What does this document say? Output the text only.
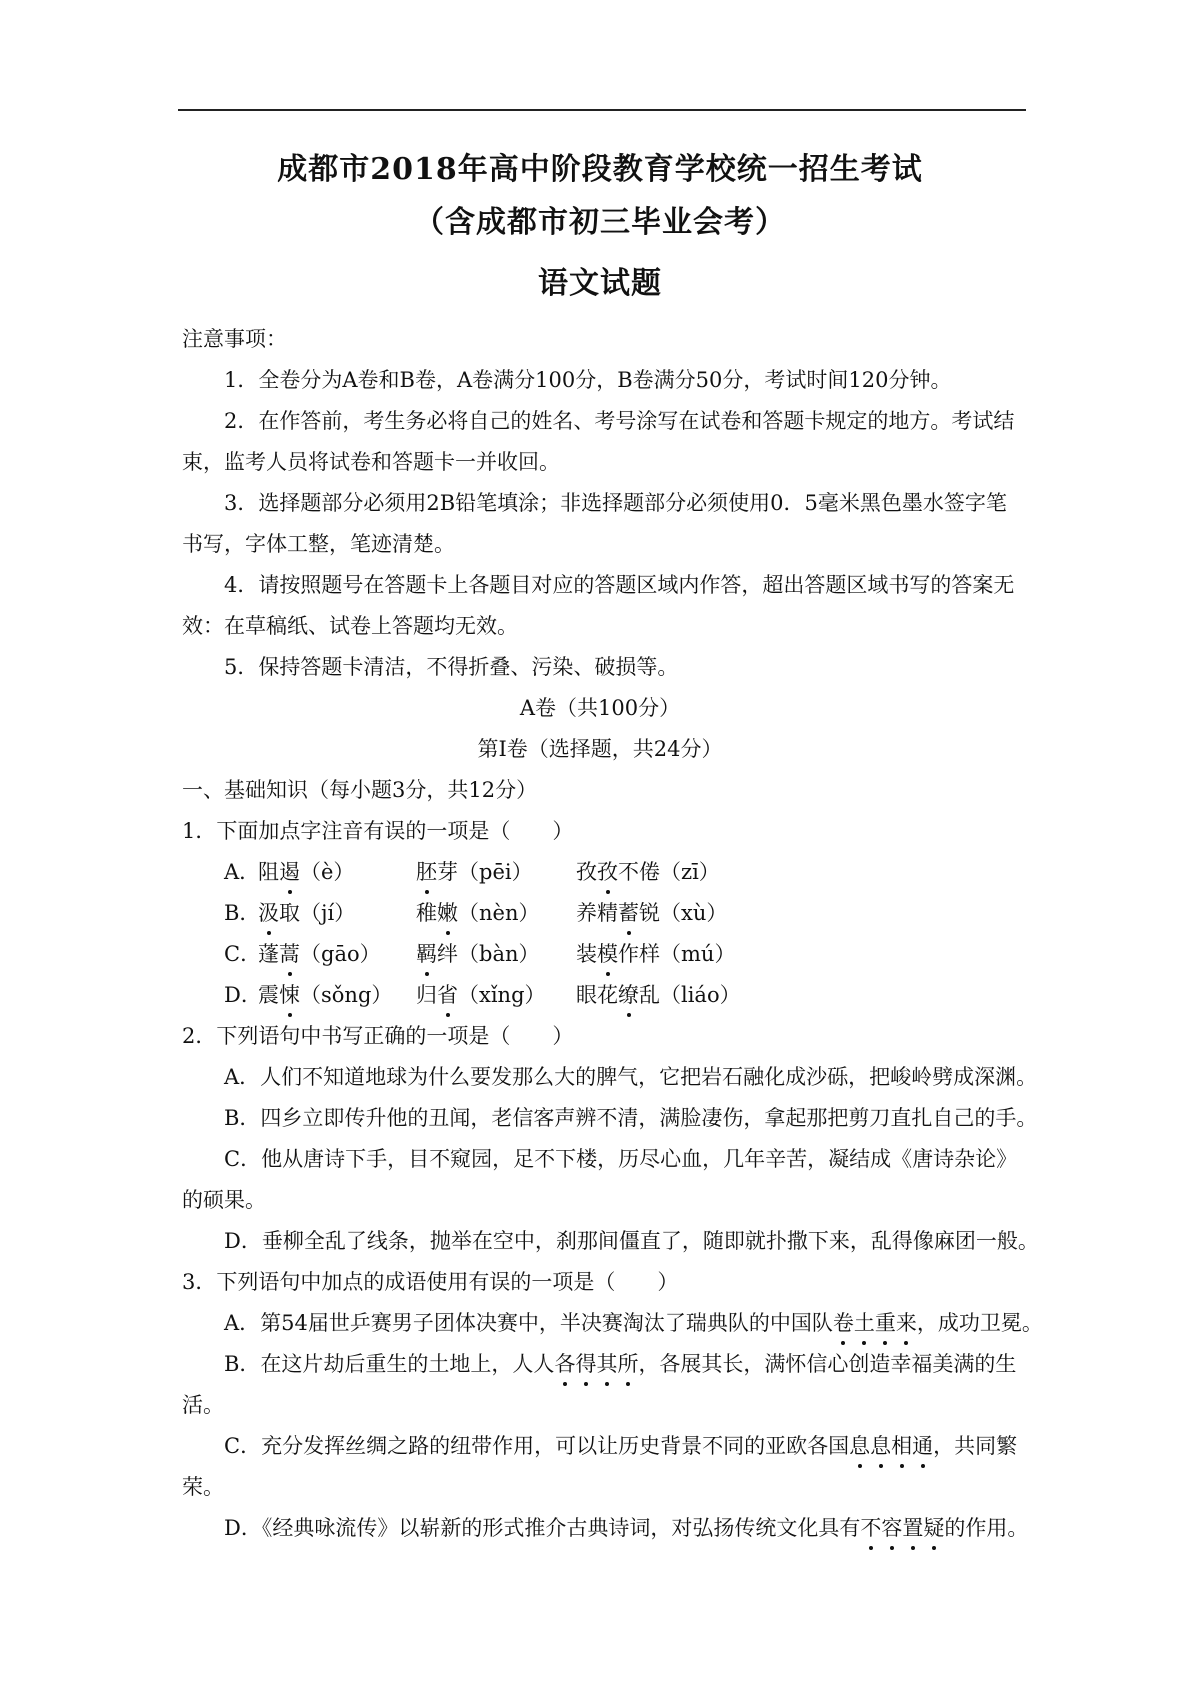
成都市2018年高中阶段教育学校统一招生考试
（含成都市初三毕业会考）
语文试题
注意事项：
1．全卷分为A卷和B卷，A卷满分100分，B卷满分50分，考试时间120分钟。
2．在作答前，考生务必将自己的姓名、考号涂写在试卷和答题卡规定的地方。考试结
束，监考人员将试卷和答题卡一并收回。
3．选择题部分必须用2B铅笔填涂；非选择题部分必须使用0．5毫米黑色墨水签字笔
书写，字体工整，笔迹清楚。
4．请按照题号在答题卡上各题目对应的答题区域内作答，超出答题区域书写的答案无
效：在草稿纸、试卷上答题均无效。
5．保持答题卡清洁，不得折叠、污染、破损等。
A卷（共100分）
第Ⅰ卷（选择题，共24分）
一、基础知识（每小题3分，共12分）
1．下面加点字注音有误的一项是（　　）
A．
阻遏（è）	胚芽（pēi） 孜孜不倦（zī）
B．
汲取（jí）	稚嫩（nèn） 养精蓄锐（xù）
C．
蓬蒿（gāo） 羁绊（bàn） 装模作样（mú）
D．
震悚（sǒng） 归省（xǐng） 眼花缭乱（liáo）
2．下列语句中书写正确的一项是（　　）
A．人们不知道地球为什么要发那么大的脾气，它把岩石融化成沙砾，把峻岭劈成深渊。
B．四乡立即传升他的丑闻，老信客声辨不清，满脸凄伤，拿起那把剪刀直扎自己的手。
C．他从唐诗下手，目不窥园，足不下楼，历尽心血，几年辛苦，凝结成《唐诗杂论》
的硕果。
D．垂柳全乱了线条，抛举在空中，刹那间僵直了，随即就扑撒下来，乱得像麻团一般。
3．下列语句中加点的成语使用有误的一项是（　　）
A．第54届世乒赛男子团体决赛中，半决赛淘汰了瑞典队的中国队卷土重来，成功卫冕。
B．在这片劫后重生的土地上，人人各得其所，各展其长，满怀信心创造幸福美满的生
活。
C．充分发挥丝绸之路的纽带作用，可以让历史背景不同的亚欧各国息息相通，共同繁
荣。
D．《经典咏流传》以崭新的形式推介古典诗词，对弘扬传统文化具有不容置疑的作用。
